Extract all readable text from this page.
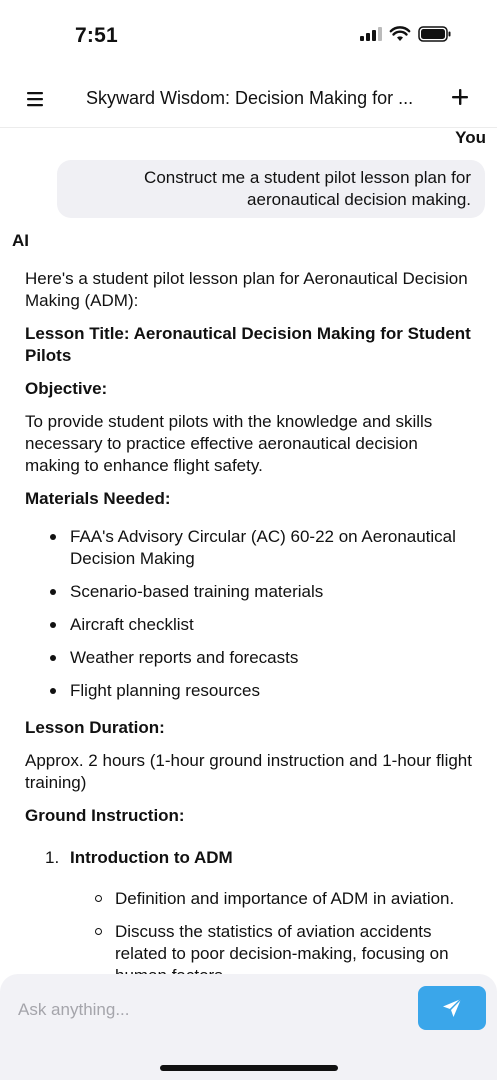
7:51
Skyward Wisdom: Decision Making for ...
You
Construct me a student pilot lesson plan for aeronautical decision making.
AI

Here's a student pilot lesson plan for Aeronautical Decision Making (ADM):

Lesson Title: Aeronautical Decision Making for Student Pilots

Objective:

To provide student pilots with the knowledge and skills necessary to practice effective aeronautical decision making to enhance flight safety.

Materials Needed:

FAA's Advisory Circular (AC) 60-22 on Aeronautical Decision Making
Scenario-based training materials
Aircraft checklist
Weather reports and forecasts
Flight planning resources

Lesson Duration:

Approx. 2 hours (1-hour ground instruction and 1-hour flight training)

Ground Instruction:

1. Introduction to ADM
Definition and importance of ADM in aviation.
Discuss the statistics of aviation accidents related to poor decision-making, focusing on
Ask anything...
